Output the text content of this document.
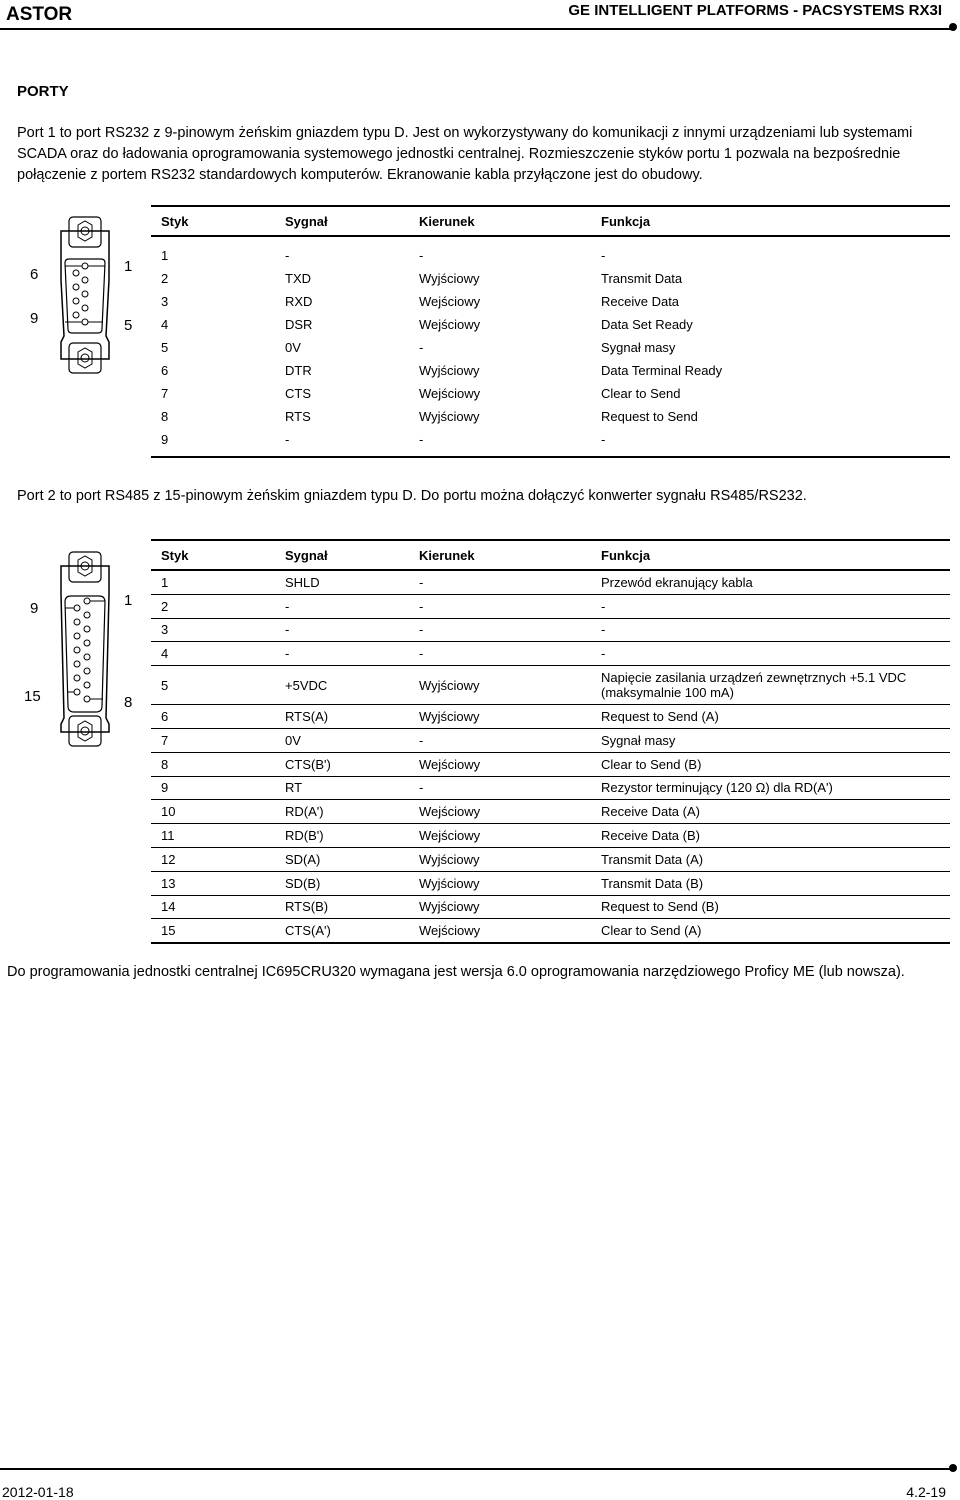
ASTOR	GE INTELLIGENT PLATFORMS - PACSYSTEMS RX3I
PORTY

Port 1 to port RS232 z 9-pinowym żeńskim gniazdem typu D. Jest on wykorzystywany do komunikacji z innymi urządzeniami lub systemami SCADA oraz do ładowania oprogramowania systemowego jednostki centralnej. Rozmieszczenie styków portu 1 pozwala na bezpośrednie połączenie z portem RS232 standardowych komputerów. Ekranowanie kabla przyłączone jest do obudowy.

6	1
9	5
Styk	Sygnał	Kierunek	Funkcja
1	-	-	-
2	TXD	Wyjściowy	Transmit Data
3	RXD	Wejściowy	Receive Data
4	DSR	Wejściowy	Data Set Ready
5	0V	-	Sygnał masy
6	DTR	Wyjściowy	Data Terminal Ready
7	CTS	Wejściowy	Clear to Send
8	RTS	Wyjściowy	Request to Send
9	-	-	-

Port 2 to port RS485 z 15-pinowym żeńskim gniazdem typu D. Do portu można dołączyć konwerter sygnału RS485/RS232.

9	1
15	8
Styk	Sygnał	Kierunek	Funkcja
1	SHLD	-	Przewód ekranujący kabla
2	-	-	-
3	-	-	-
4	-	-	-
5	+5VDC	Wyjściowy	Napięcie zasilania urządzeń zewnętrznych +5.1 VDC
(maksymalnie 100 mA)

6	RTS(A)	Wyjściowy	Request to Send (A)
7	0V	-	Sygnał masy
8	CTS(B')	Wejściowy	Clear to Send (B)
9	RT	-	Rezystor terminujący (120 Ω) dla RD(A')
10	RD(A')	Wejściowy	Receive Data (A)
11	RD(B')	Wejściowy	Receive Data (B)
12	SD(A)	Wyjściowy	Transmit Data (A)
13	SD(B)	Wyjściowy	Transmit Data (B)
14	RTS(B)	Wyjściowy	Request to Send (B)
15	CTS(A')	Wejściowy	Clear to Send (A)

Do programowania jednostki centralnej IC695CRU320 wymagana jest wersja 6.0 oprogramowania narzędziowego Proficy ME (lub nowsza).

2012-01-18	4.2-19
